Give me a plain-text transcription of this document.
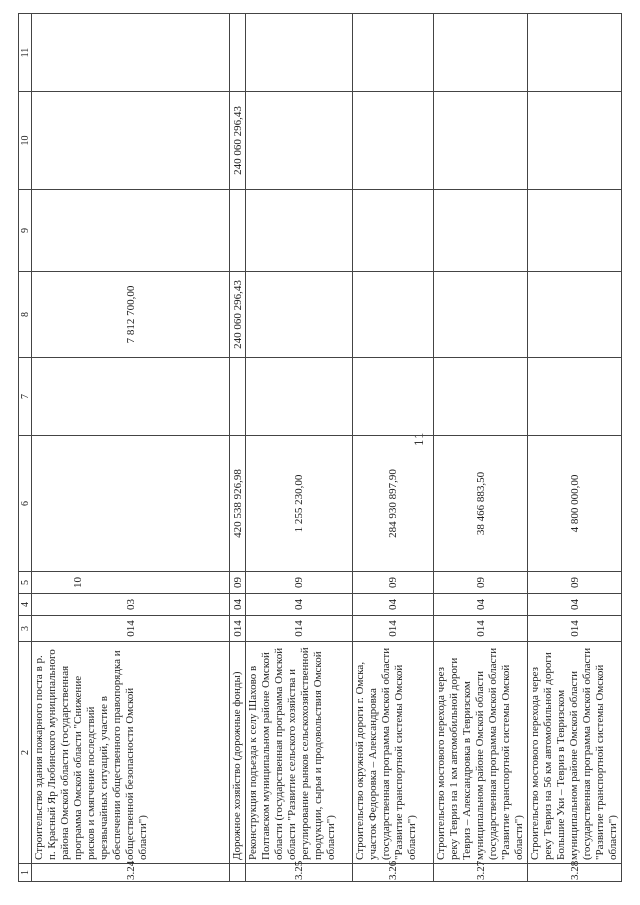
11
1	2	3	4	5	6	7	8	9	10	11
3.24	Строительство здания пожарного поста в р. п. Красный Яр Любинского муниципального района Омской области (государственная программа Омской области "Снижение рисков и смягчение последствий чрезвычайных ситуаций, участие в обеспечении общественного правопорядка и общественной безопасности Омской области")	014	03	10			7 812 700,00			
	Дорожное хозяйство (дорожные фонды)	014	04	09	420 538 926,98		240 060 296,43		240 060 296,43	
3.25	Реконструкция подъезда к селу Шахово в Полтавском муниципальном районе Омской области (государственная программа Омской области "Развитие сельского хозяйства и регулирование рынков сельскохозяйственной продукции, сырья и продовольствия Омской области")	014	04	09	1 255 230,00					
3.26	Строительство окружной дороги г. Омска, участок Федоровка – Александровка (государственная программа Омской области "Развитие транспортной системы Омской области")	014	04	09	284 930 897,90					
3.27	Строительство мостового перехода через реку Тевриз на 1 км автомобильной дороги Тевриз – Александровка в Тевризском муниципальном районе Омской области (государственная программа Омской области "Развитие транспортной системы Омской области")	014	04	09	38 466 883,50					
3.28	Строительство мостового перехода через реку Тевриз на 56 км автомобильной дороги Большие Уки – Тевриз в Тевризском муниципальном районе Омской области (государственная программа Омской области "Развитие транспортной системы Омской области")	014	04	09	4 800 000,00					
